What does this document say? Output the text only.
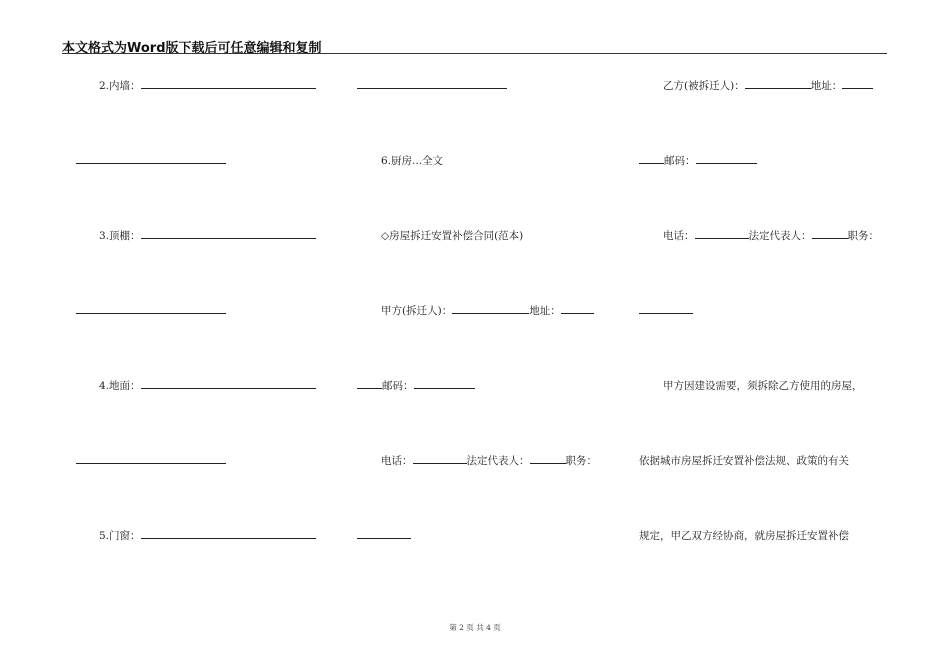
本文格式为Word版下载后可任意编辑和复制
2.内墙：
3.顶棚：
4.地面：
5.门窗：
6.厨房...全文
◇房屋拆迁安置补偿合同(范本)
甲方(拆迁人)：	地址：
邮码：
电话：	法定代表人：	职务：
乙方(被拆迁人)：	地址：
邮码：
电话：	法定代表人：	职务：
甲方因建设需要，须拆除乙方使用的房屋，
依据城市房屋拆迁安置补偿法规、政策的有关
规定，甲乙双方经协商，就房屋拆迁安置补偿
第 2 页 共 4 页
